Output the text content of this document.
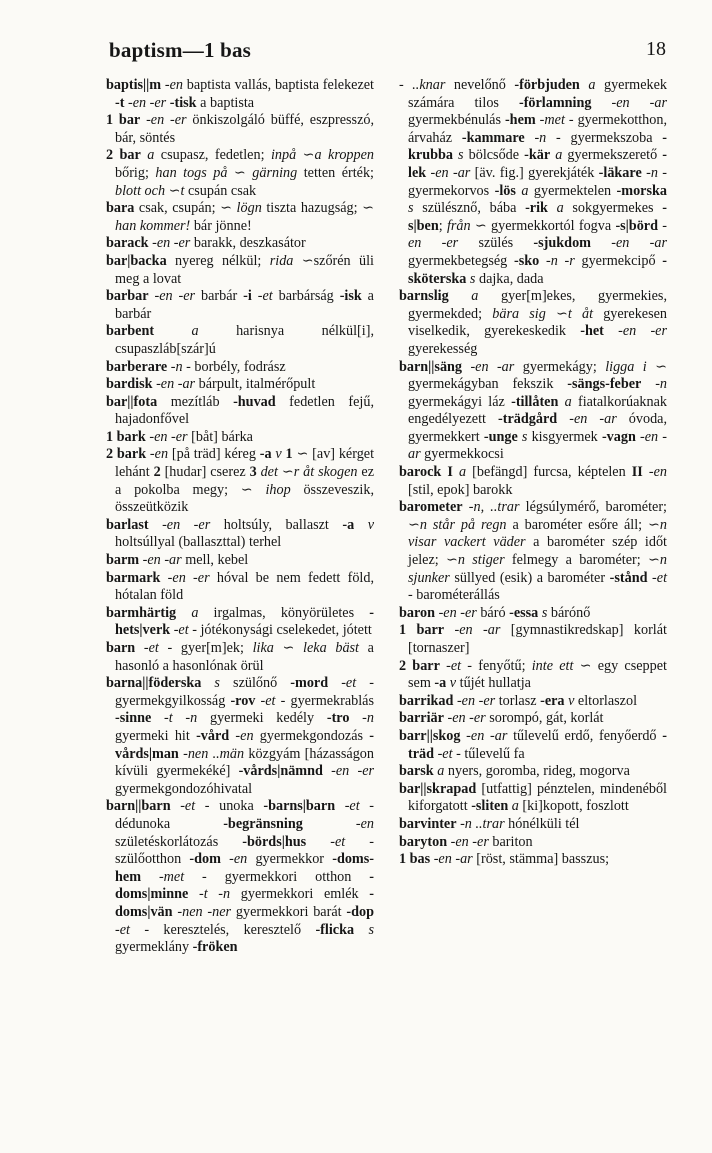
baptism—1 bas	18

baptis||m -en baptista vallás, baptista felekezet -t -en -er -tisk a baptista

1 bar -en -er önkiszolgáló büffé, eszpresszó, bár, söntés

2 bar a csupasz, fedetlen; inpå ∽a kroppen bőrig; han togs på ∽ gärning tetten érték; blott och ∽t csupán csak

bara csak, csupán; ∽ lögn tiszta hazugság; ∽ han kommer! bár jönne!

barack -en -er barakk, deszkasátor

bar|backa nyereg nélkül; rida ∽szőrén üli meg a lovat

barbar -en -er barbár -i -et barbárság -isk a barbár

barbent	a harisnya nélkül[i], csupaszláb[szár]ú

barberare -n - borbély, fodrász

bardisk -en -ar bárpult, italmérőpult

bar||fota mezítláb -huvad fedetlen fejű, hajadonfővel

1 bark -en -er [båt] bárka

2 bark -en [på träd] kéreg -a v 1 ∽ [av] kérget lehánt 2 [hudar] cserez 3 det ∽r åt skogen ez a pokolba megy; ∽ ihop összeveszik, összeütközik

barlast -en -er holtsúly, ballaszt -a v holtsúllyal (ballaszttal) terhel

barm -en -ar mell, kebel

barmark -en -er hóval be nem fedett föld, hótalan föld

barmhärtig a irgalmas, könyörületes -hets|verk -et - jótékonysági cselekedet, jótett

barn -et - gyer[m]ek; lika ∽ leka bäst a hasonló a hasonlónak örül

barna||föderska s szülőnő -mord -et - gyermekgyilkosság -rov -et - gyermekrablás -sinne -t -n gyermeki kedély -tro -n gyermeki hit -vård -en gyermekgondozás -vårds|man -nen ..män közgyám [házasságon kívüli gyermekéké] -vårds|nämnd -en -er gyermekgondozóhivatal

barn||barn -et - unoka -barns|barn -et - dédunoka -begränsning	-en születéskorlátozás -börds|hus -et - szülőotthon -dom -en gyermekkor -doms-hem -met - gyermekkori otthon -doms|minne -t -n gyermekkori emlék -doms|vän -nen -ner gyermekkori barát -dop -et - keresztelés, keresztelő -flicka s gyermeklány -fröken

- ..knar nevelőnő -förbjuden a gyermekek számára tilos -förlamning -en -ar gyermekbénulás -hem -met - gyermekotthon, árvaház -kammare -n - gyermekszoba -krubba s bölcsőde -kär a gyermekszerető -lek -en -ar [äv. fig.] gyerekjáték -läkare -n - gyermekorvos -lös a gyermektelen -morska s szülésznő, bába -rik a sokgyermekes -s|ben; från ∽ gyermekkortól fogva -s|börd -en -er szülés -sjukdom -en -ar gyermekbetegség -sko -n -r gyermekcipő -sköterska s dajka, dada

barnslig a gyer[m]ekes, gyermekies, gyermekded; bära sig ∽t åt gyerekesen viselkedik, gyerekeskedik -het -en -er gyerekesség

barn||säng -en -ar gyermekágy; ligga i ∽ gyermekágyban fekszik -sängs-feber -n gyermekágyi láz -tillåten a fiatalkorúaknak engedélyezett -trädgård -en -ar óvoda, gyermekkert -unge s kisgyermek -vagn -en -ar gyermekkocsi

barock I a [befängd] furcsa, képtelen II -en [stil, epok] barokk

barometer -n, ..trar légsúlymérő, barométer; ∽n står på regn a barométer esőre áll; ∽n visar vackert väder a barométer szép időt jelez; ∽n stiger felmegy a barométer; ∽n sjunker süllyed (esik) a barométer -stånd -et - barométerállás

baron -en -er báró -essa s bárónő

1 barr -en -ar [gymnastikredskap] korlát [tornaszer]

2 barr -et - fenyőtű; inte ett ∽ egy cseppet sem -a v tűjét hullatja

barrikad -en -er torlasz -era v eltorlaszol

barriär -en -er sorompó, gát, korlát

barr||skog -en -ar tűlevelű erdő, fenyőerdő -träd -et - tűlevelű fa

barsk a nyers, goromba, rideg, mogorva

bar||skrapad [utfattig] pénztelen, mindenéből kiforgatott -sliten a [ki]kopott, foszlott

barvinter -n ..trar hónélküli tél

baryton -en -er bariton

1 bas -en -ar [röst, stämma] basszus;
